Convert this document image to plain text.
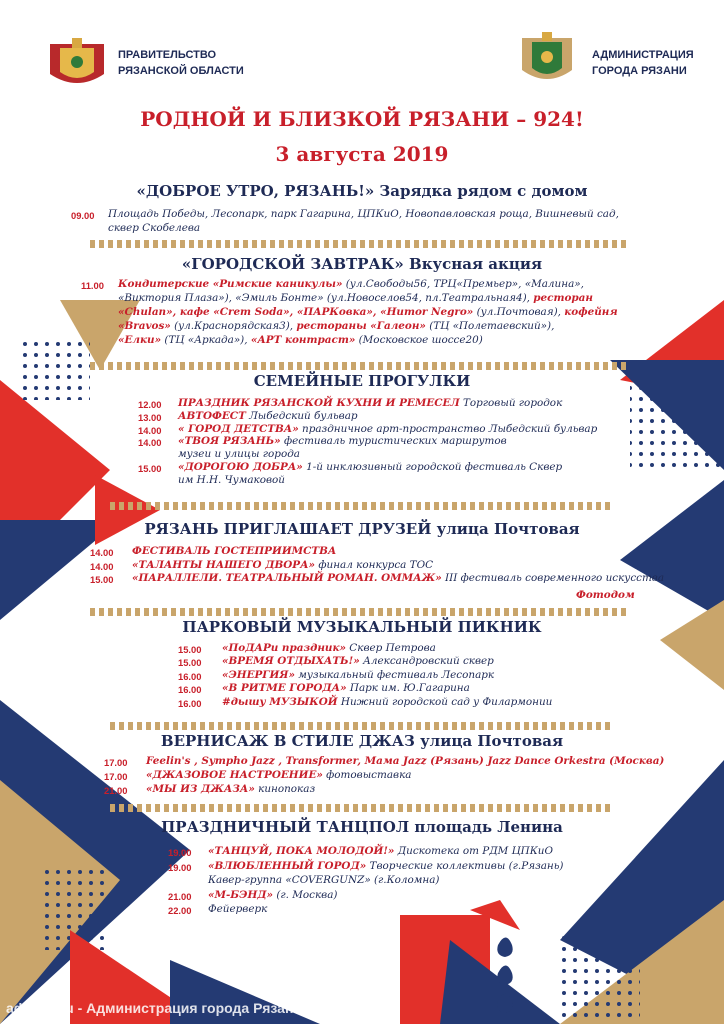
ПРАВИТЕЛЬСТВО
РЯЗАНСКОЙ ОБЛАСТИ
АДМИНИСТРАЦИЯ
ГОРОДА РЯЗАНИ
РОДНОЙ И БЛИЗКОЙ РЯЗАНИ – 924!
3 августа 2019
«ДОБРОЕ УТРО, РЯЗАНЬ!» Зарядка рядом с домом
09.00 Площадь Победы, Лесопарк, парк Гагарина, ЦПКиО, Новопавловская роща, Вишневый сад,
сквер Скобелева
«ГОРОДСКОЙ ЗАВТРАК» Вкусная акция
11.00 Кондитерские «Римские каникулы» (ул.Свободы56, ТРЦ«Премьер», «Малина»,
«Виктория Плаза»), «Эмиль Бонте» (ул.Новоселов54, пл.Театральная4), ресторан
«Chulan», кафе «Crem Soda», «ПАРКовка», «Humor Negro» (ул.Почтовая), кофейня
«Bravos» (ул.Краснорядская3), рестораны «Галеон» (ТЦ «Полетаевский»),
«Елки» (ТЦ «Аркада»), «АРТ контраст» (Московское шоссе20)
СЕМЕЙНЫЕ ПРОГУЛКИ
12.00 ПРАЗДНИК РЯЗАНСКОЙ КУХНИ И РЕМЕСЕЛ Торговый городок
13.00 АВТОФЕСТ Лыбедский бульвар
14.00 « ГОРОД ДЕТСТВА» праздничное арт-пространство Лыбедский бульвар
14.00 «ТВОЯ РЯЗАНЬ» фестиваль туристических маршрутов
музеи и улицы города
15.00 «ДОРОГОЮ ДОБРА» 1-й инклюзивный городской фестиваль Сквер
им Н.Н. Чумаковой
РЯЗАНЬ ПРИГЛАШАЕТ ДРУЗЕЙ улица Почтовая
14.00 ФЕСТИВАЛЬ ГОСТЕПРИИМСТВА
14.00 «ТАЛАНТЫ НАШЕГО ДВОРА» финал конкурса ТОС
15.00 «ПАРАЛЛЕЛИ. ТЕАТРАЛЬНЫЙ РОМАН. ОММАЖ» III фестиваль современного искусства
Фотодом
ПАРКОВЫЙ МУЗЫКАЛЬНЫЙ ПИКНИК
15.00 «ПоДАРи праздник» Сквер Петрова
15.00 «ВРЕМЯ ОТДЫХАТЬ!» Александровский сквер
16.00 «ЭНЕРГИЯ» музыкальный фестиваль Лесопарк
16.00 «В РИТМЕ ГОРОДА» Парк им. Ю.Гагарина
16.00 #дышу МУЗЫКОЙ Нижний городской сад у Филармонии
ВЕРНИСАЖ В СТИЛЕ ДЖАЗ улица Почтовая
17.00 Feelin's , Sympho Jazz , Transformer, Мама Jazz (Рязань) Jazz Dance Orkestra (Москва)
17.00 «ДЖАЗОВОЕ НАСТРОЕНИЕ» фотовыставка
21.00 «МЫ ИЗ ДЖАЗА» кинопоказ
ПРАЗДНИЧНЫЙ ТАНЦПОЛ площадь Ленина
19.00 «ТАНЦУЙ, ПОКА МОЛОДОЙ!» Дискотека от РДМ ЦПКиО
19.00 «ВЛЮБЛЕННЫЙ ГОРОД» Творческие коллективы (г.Рязань)
Кавер-группа «COVERGUNZ» (г.Коломна)
21.00 «М-БЭНД» (г. Москва)
22.00 Фейерверк
admrzn.ru - Администрация города Рязани
